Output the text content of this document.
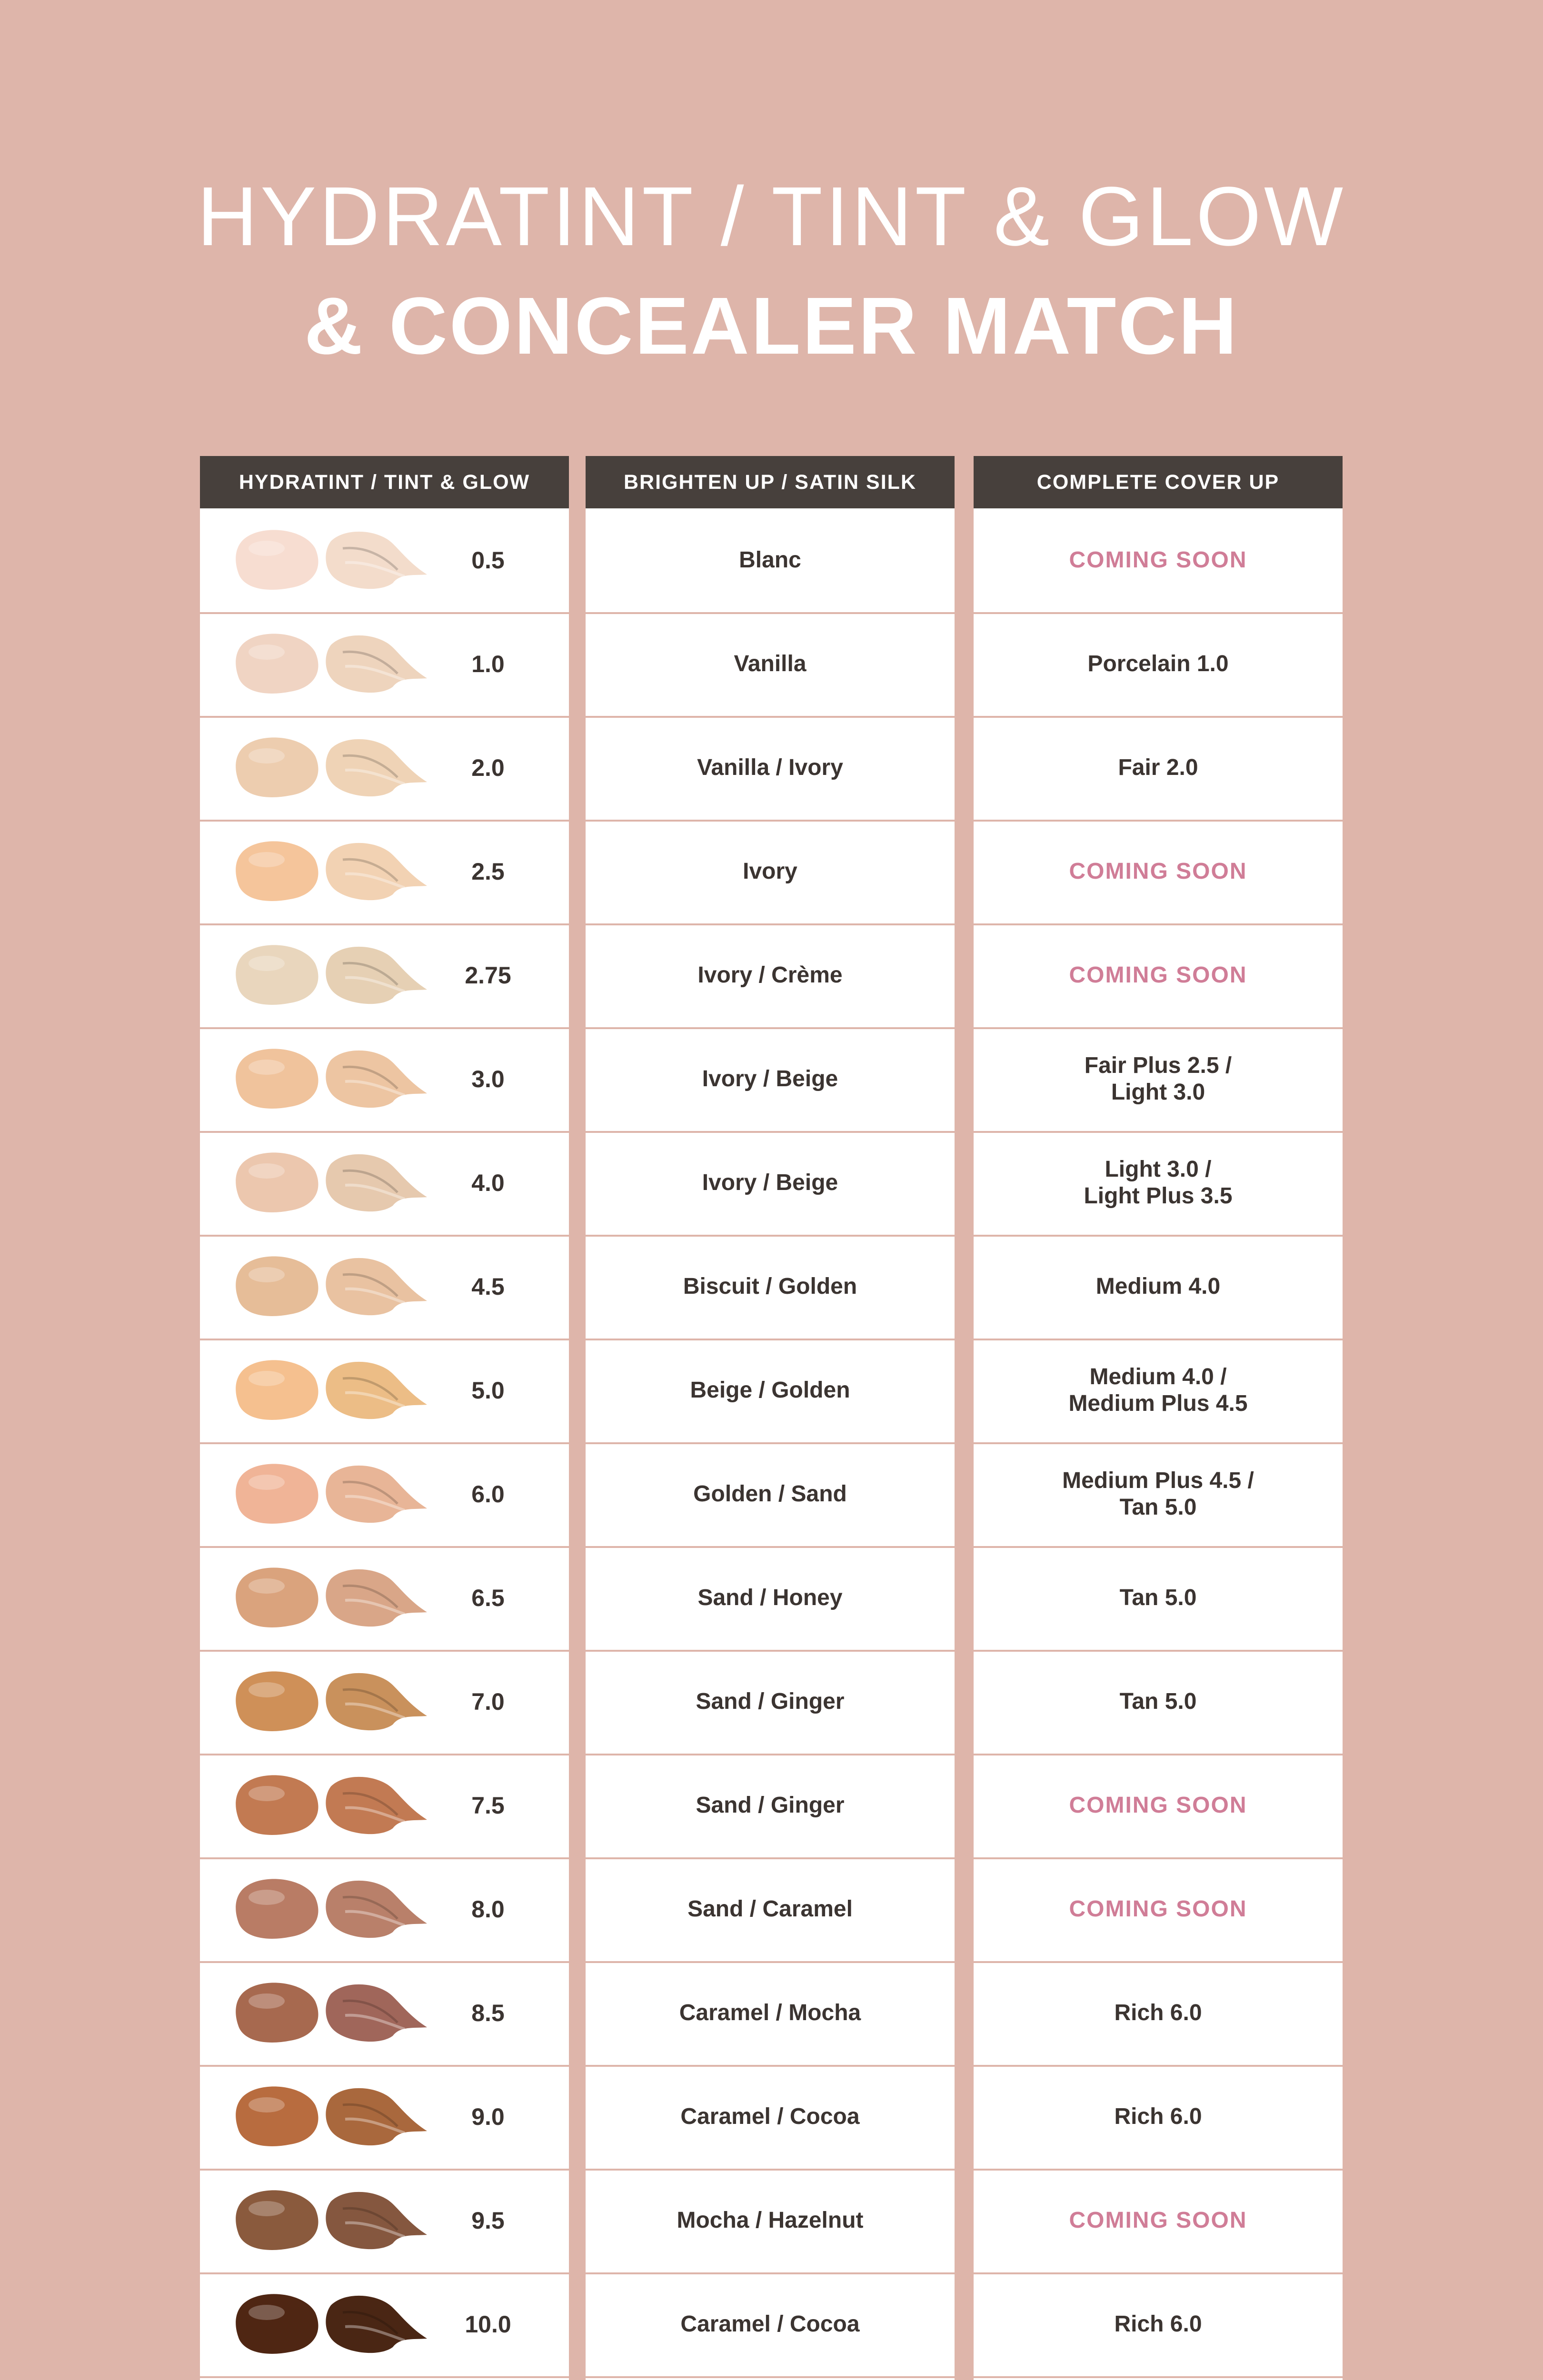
HYDRATINT / TINT & GLOW
& CONCEALER MATCH
HYDRATINT / TINT & GLOW
0.5
1.0
2.0
2.5
2.75
3.0
4.0
4.5
5.0
6.0
6.5
7.0
7.5
8.0
8.5
9.0
9.5
10.0
BRIGHTEN UP / SATIN SILK
Blanc
Vanilla
Vanilla / Ivory
Ivory
Ivory / Crème
Ivory / Beige
Ivory / Beige
Biscuit / Golden
Beige / Golden
Golden / Sand
Sand / Honey
Sand / Ginger
Sand / Ginger
Sand / Caramel
Caramel / Mocha
Caramel / Cocoa
Mocha / Hazelnut
Caramel / Cocoa
COMPLETE COVER UP
COMING SOON
Porcelain 1.0
Fair 2.0
COMING SOON
COMING SOON
Fair Plus 2.5 /
Light 3.0
Light 3.0 /
Light Plus 3.5
Medium 4.0
Medium 4.0 /
Medium Plus 4.5
Medium Plus 4.5 /
Tan 5.0
Tan 5.0
Tan 5.0
COMING SOON
COMING SOON
Rich 6.0
Rich 6.0
COMING SOON
Rich 6.0
